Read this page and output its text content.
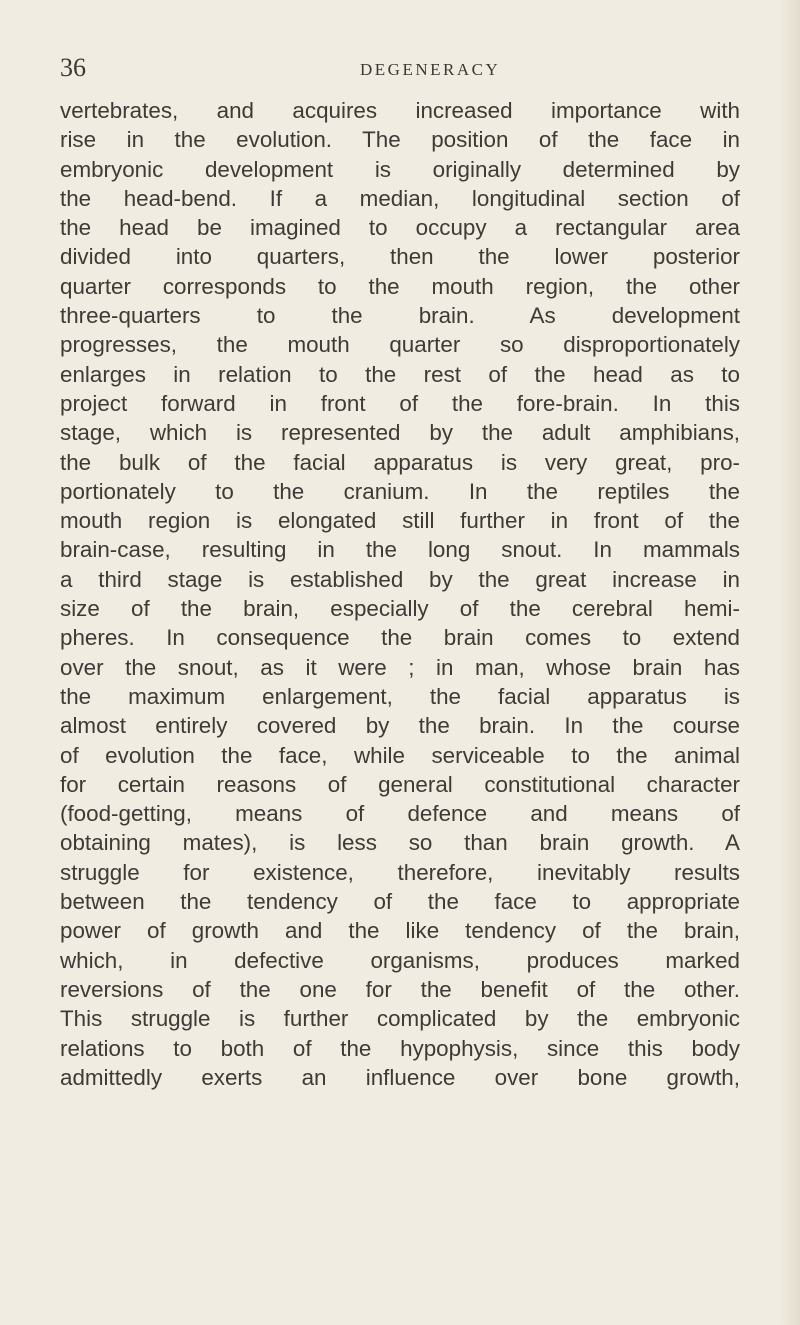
36	DEGENERACY
vertebrates, and acquires increased importance with
rise in the evolution. The position of the face in
embryonic development is originally determined by
the head-bend. If a median, longitudinal section of
the head be imagined to occupy a rectangular area
divided into quarters, then the lower posterior
quarter corresponds to the mouth region, the other
three-quarters to the brain. As development
progresses, the mouth quarter so disproportionately
enlarges in relation to the rest of the head as to
project forward in front of the fore-brain. In this
stage, which is represented by the adult amphibians,
the bulk of the facial apparatus is very great, pro-
portionately to the cranium. In the reptiles the
mouth region is elongated still further in front of the
brain-case, resulting in the long snout. In mammals
a third stage is established by the great increase in
size of the brain, especially of the cerebral hemi-
pheres. In consequence the brain comes to extend
over the snout, as it were ; in man, whose brain has
the maximum enlargement, the facial apparatus is
almost entirely covered by the brain. In the course
of evolution the face, while serviceable to the animal
for certain reasons of general constitutional character
(food-getting, means of defence and means of
obtaining mates), is less so than brain growth. A
struggle for existence, therefore, inevitably results
between the tendency of the face to appropriate
power of growth and the like tendency of the brain,
which, in defective organisms, produces marked
reversions of the one for the benefit of the other.
This struggle is further complicated by the embryonic
relations to both of the hypophysis, since this body
admittedly exerts an influence over bone growth,
